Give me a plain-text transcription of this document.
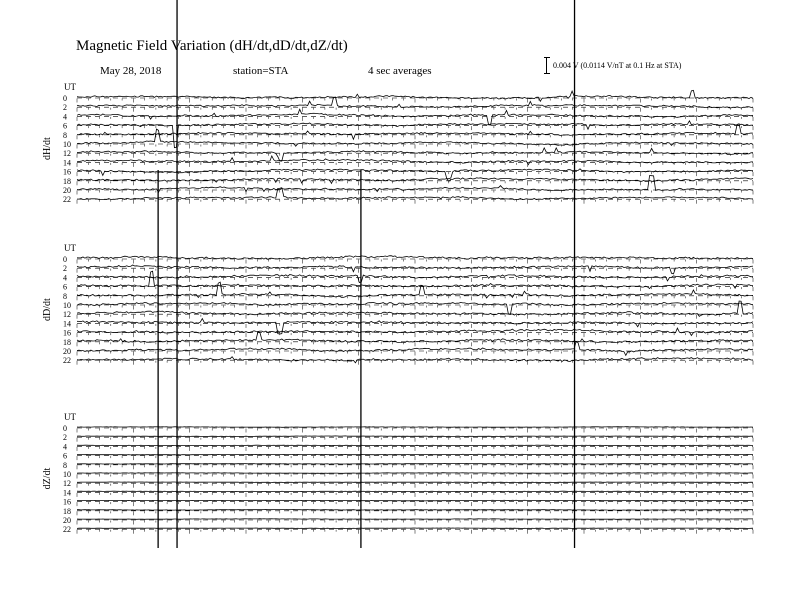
Magnetic Field Variation (dH/dt,dD/dt,dZ/dt)
May 28, 2018	station=STA	4 sec averages	0.004 V (0.0114 V/nT at 0.1 Hz at STA)
UT
dH/dt
0
2
4
6
8
10
12
14
16
18
20
22
UT
dD/dt
0
2
4
6
8
10
12
14
16
18
20
22
UT
dZ/dt
0
2
4
6
8
10
12
14
16
18
20
22
